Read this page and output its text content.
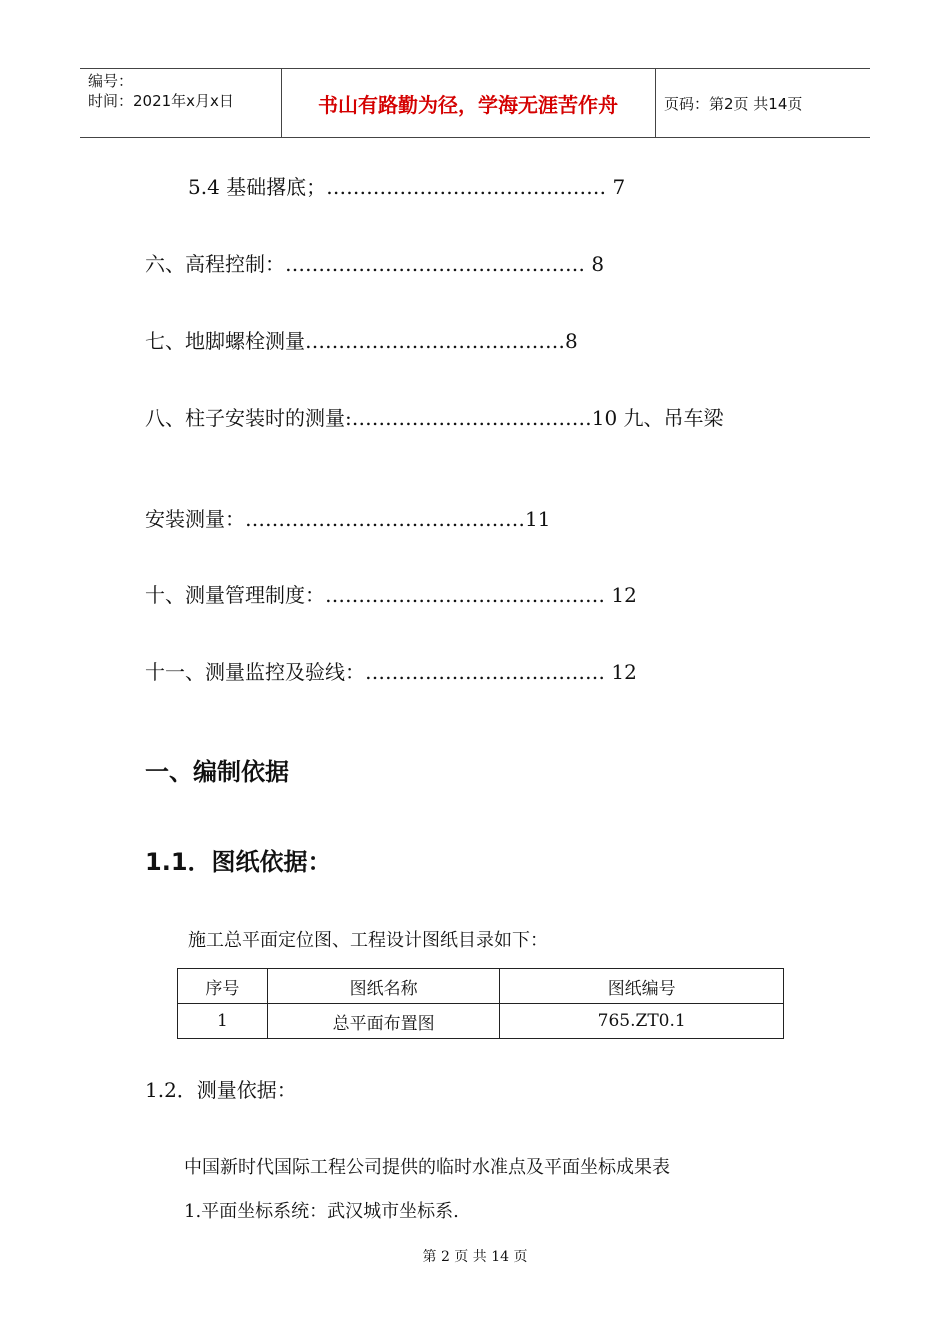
编号：
时间：2021年x月x日	书山有路勤为径，学海无涯苦作舟	页码：第2页 共14页
5.4 基础撂底；…………………………………… 7
六、高程控制：……………………………………… 8
七、地脚螺栓测量…………………………………8
八、柱子安装时的测量:………………………………10 九、吊车梁
安装测量：……………………………………11
十、测量管理制度：…………………………………… 12
十一、测量监控及验线：……………………………… 12
一、编制依据
1.1．图纸依据：
施工总平面定位图、工程设计图纸目录如下：
序号	图纸名称	图纸编号
1	总平面布置图	765.ZT0.1
1.2．测量依据：
中国新时代国际工程公司提供的临时水准点及平面坐标成果表
1.平面坐标系统：武汉城市坐标系.
第 2 页 共 14 页
